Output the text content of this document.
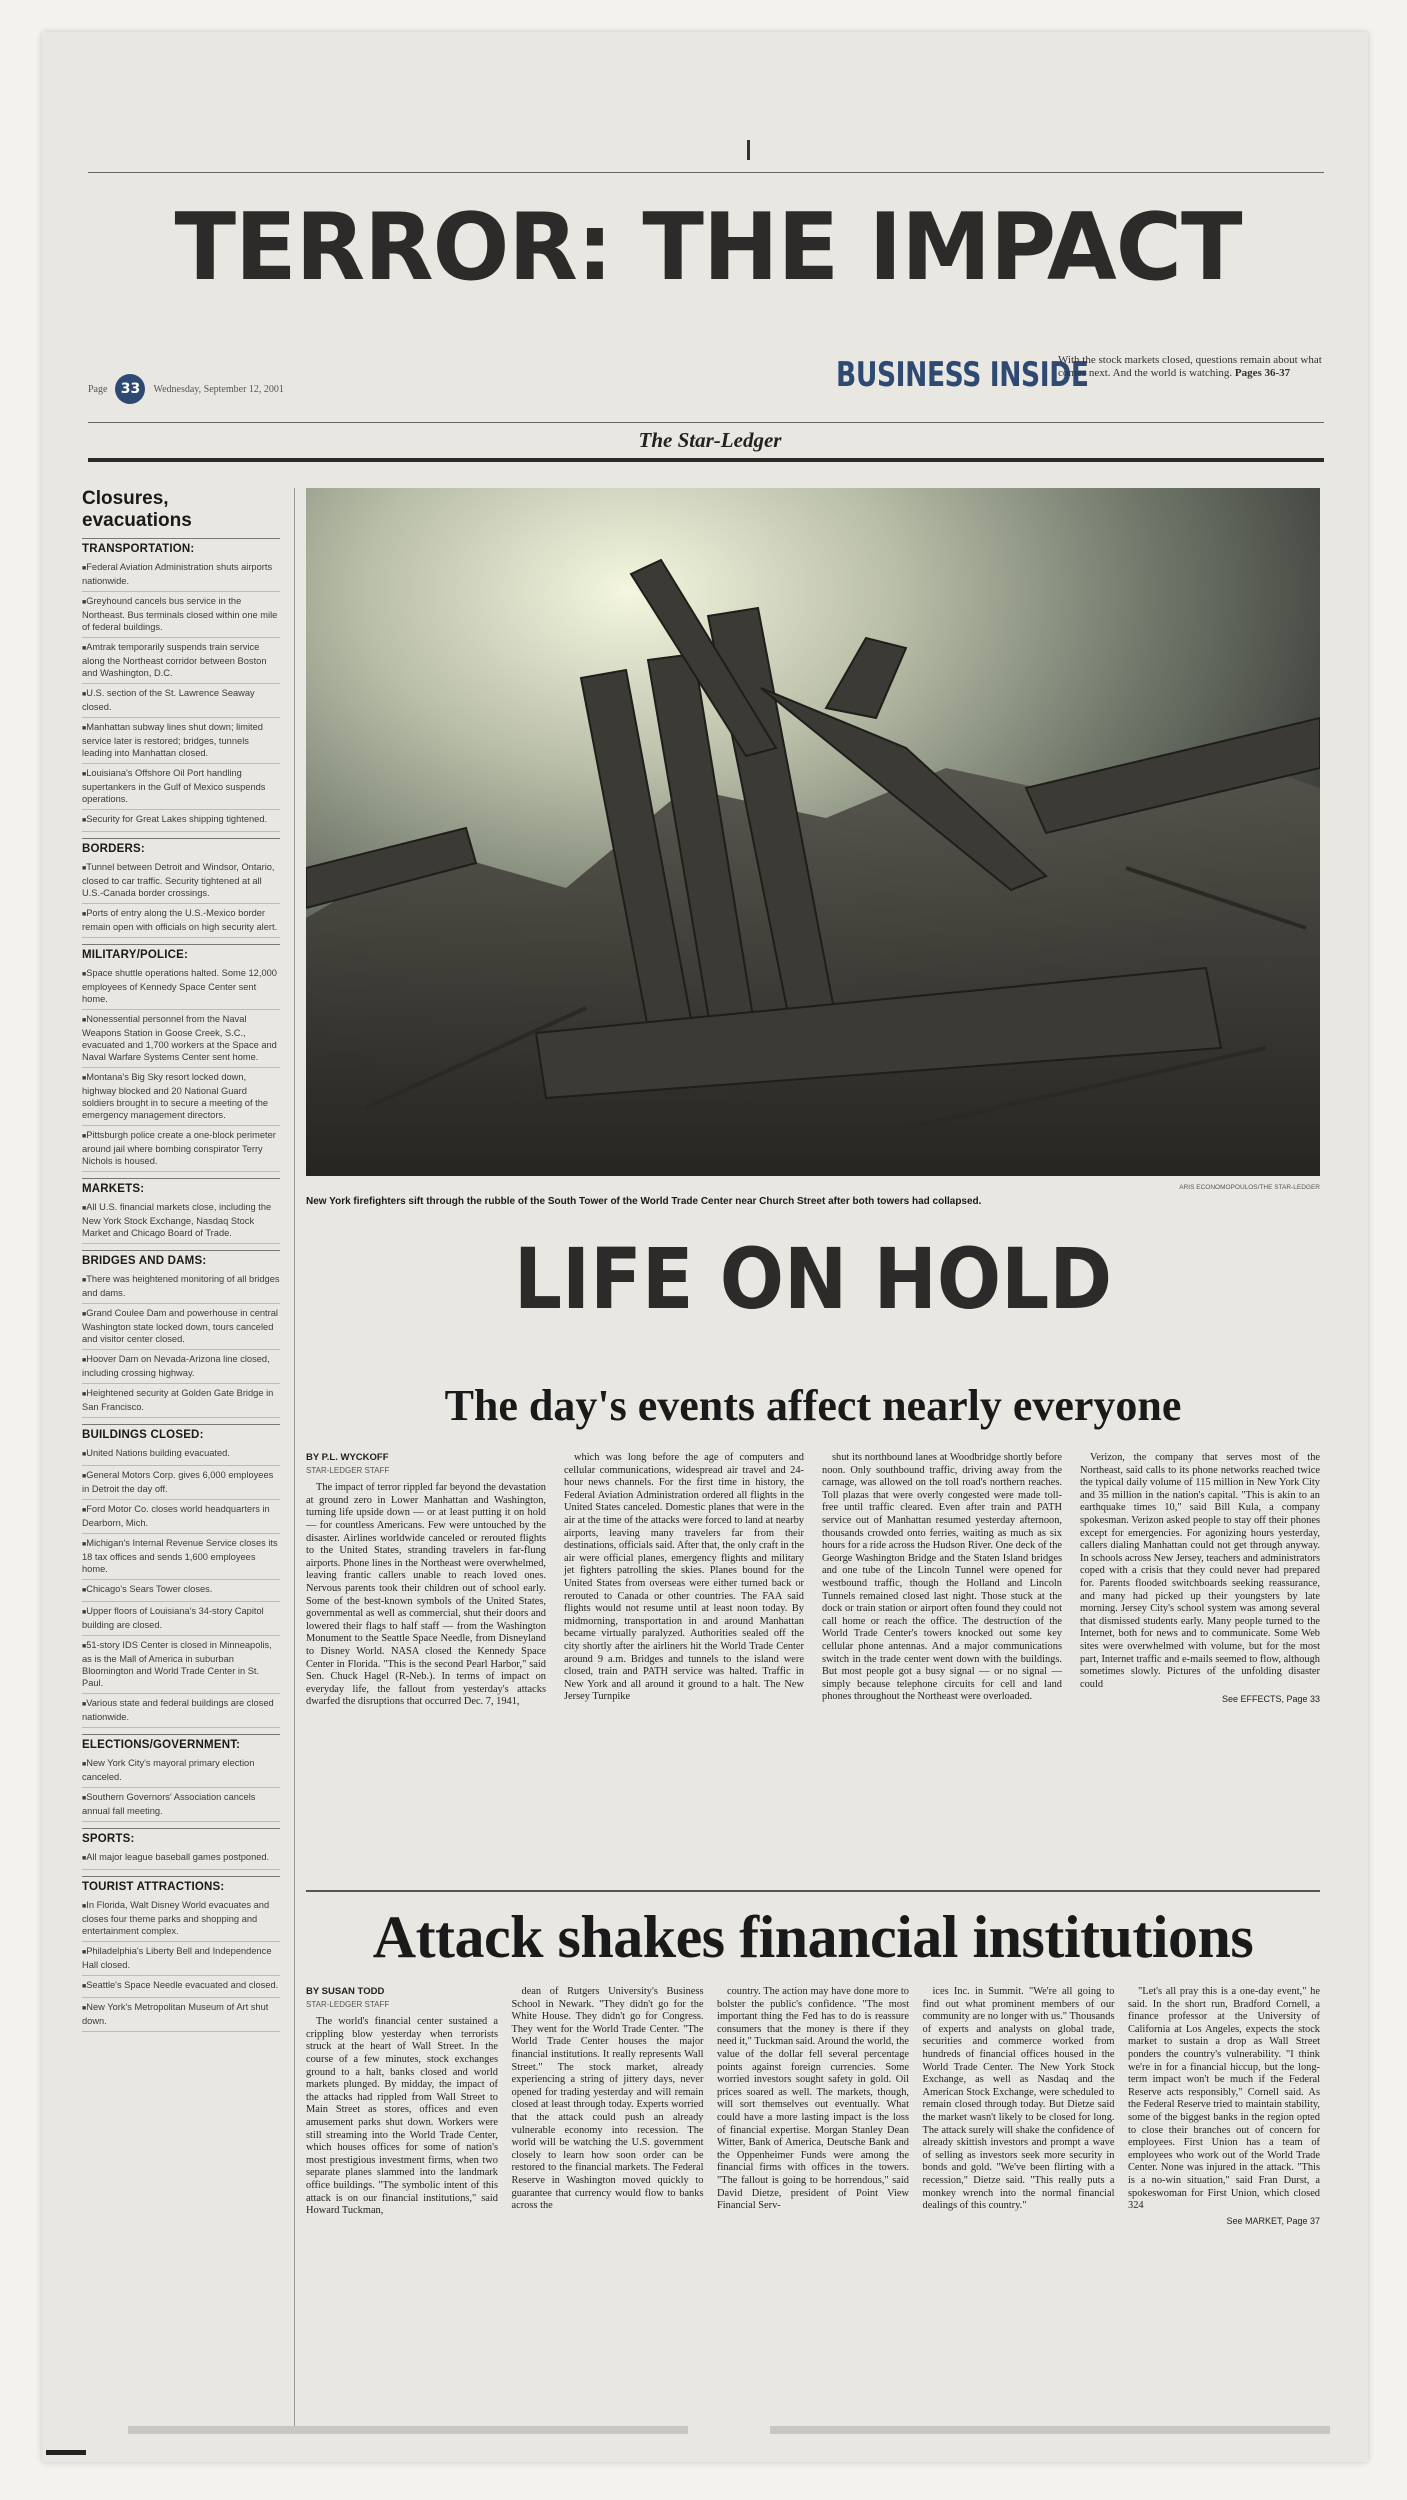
TERROR: THE IMPACT
Page 33	Wednesday, September 12, 2001	BUSINESS INSIDE
With the stock markets closed, questions remain about what comes next. And the world is watching. Pages 36-37
The Star-Ledger
Closures, evacuations
TRANSPORTATION:
■ Federal Aviation Administration shuts airports nationwide.
■ Greyhound cancels bus service in the Northeast. Bus terminals closed within one mile of federal buildings.
■ Amtrak temporarily suspends train service along the Northeast corridor between Boston and Washington, D.C.
■ U.S. section of the St. Lawrence Seaway closed.
■ Manhattan subway lines shut down; limited service later is restored; bridges, tunnels leading into Manhattan closed.
■ Louisiana's Offshore Oil Port handling supertankers in the Gulf of Mexico suspends operations.
■ Security for Great Lakes shipping tightened.
BORDERS:
■ Tunnel between Detroit and Windsor, Ontario, closed to car traffic. Security tightened at all U.S.-Canada border crossings.
■ Ports of entry along the U.S.-Mexico border remain open with officials on high security alert.
MILITARY/POLICE:
■ Space shuttle operations halted. Some 12,000 employees of Kennedy Space Center sent home.
■ Nonessential personnel from the Naval Weapons Station in Goose Creek, S.C., evacuated and 1,700 workers at the Space and Naval Warfare Systems Center sent home.
■ Montana's Big Sky resort locked down, highway blocked and 20 National Guard soldiers brought in to secure a meeting of the emergency management directors.
■ Pittsburgh police create a one-block perimeter around jail where bombing conspirator Terry Nichols is housed.
MARKETS:
■ All U.S. financial markets close, including the New York Stock Exchange, Nasdaq Stock Market and Chicago Board of Trade.
BRIDGES AND DAMS:
■ There was heightened monitoring of all bridges and dams.
■ Grand Coulee Dam and powerhouse in central Washington state locked down, tours canceled and visitor center closed.
■ Hoover Dam on Nevada-Arizona line closed, including crossing highway.
■ Heightened security at Golden Gate Bridge in San Francisco.
BUILDINGS CLOSED:
■ United Nations building evacuated.
■ General Motors Corp. gives 6,000 employees in Detroit the day off.
■ Ford Motor Co. closes world headquarters in Dearborn, Mich.
■ Michigan's Internal Revenue Service closes its 18 tax offices and sends 1,600 employees home.
■ Chicago's Sears Tower closes.
■ Upper floors of Louisiana's 34-story Capitol building are closed.
■ 51-story IDS Center is closed in Minneapolis, as is the Mall of America in suburban Bloomington and World Trade Center in St. Paul.
■ Various state and federal buildings are closed nationwide.
ELECTIONS/GOVERNMENT:
■ New York City's mayoral primary election canceled.
■ Southern Governors' Association cancels annual fall meeting.
SPORTS:
■ All major league baseball games postponed.
TOURIST ATTRACTIONS:
■ In Florida, Walt Disney World evacuates and closes four theme parks and shopping and entertainment complex.
■ Philadelphia's Liberty Bell and Independence Hall closed.
■ Seattle's Space Needle evacuated and closed.
■ New York's Metropolitan Museum of Art shut down.
New York firefighters sift through the rubble of the South Tower of the World Trade Center near Church Street after both towers had collapsed.
ARIS ECONOMOPOULOS/THE STAR-LEDGER
LIFE ON HOLD
The day's events affect nearly everyone
BY P.L. WYCKOFF
STAR-LEDGER STAFF

The impact of terror rippled far beyond the devastation at ground zero in Lower Manhattan and Washington, turning life upside down — or at least putting it on hold — for countless Americans. Few were untouched by the disaster. Airlines worldwide canceled or rerouted flights to the United States, stranding travelers in far-flung airports. Phone lines in the Northeast were overwhelmed, leaving frantic callers unable to reach loved ones. Nervous parents took their children out of school early. Some of the best-known symbols of the United States, governmental as well as commercial, shut their doors and lowered their flags to half staff — from the Washington Monument to the Seattle Space Needle, from Disneyland to Disney World. NASA closed the Kennedy Space Center in Florida. "This is the second Pearl Harbor," said Sen. Chuck Hagel (R-Neb.). In terms of impact on everyday life, the fallout from yesterday's attacks dwarfed the disruptions that occurred Dec. 7, 1941,

which was long before the age of computers and cellular communications, widespread air travel and 24-hour news channels. For the first time in history, the Federal Aviation Administration ordered all flights in the United States canceled. Domestic planes that were in the air at the time of the attacks were forced to land at nearby airports, leaving many travelers far from their destinations, officials said. After that, the only craft in the air were official planes, emergency flights and military jet fighters patrolling the skies. Planes bound for the United States from overseas were either turned back or rerouted to Canada or other countries. The FAA said flights would not resume until at least noon today. By midmorning, transportation in and around Manhattan became virtually paralyzed. Authorities sealed off the city shortly after the airliners hit the World Trade Center around 9 a.m. Bridges and tunnels to the island were closed, train and PATH service was halted. Traffic in New York and all around it ground to a halt. The New Jersey Turnpike

shut its northbound lanes at Woodbridge shortly before noon. Only southbound traffic, driving away from the carnage, was allowed on the toll road's northern reaches. Toll plazas that were overly congested were made toll-free until traffic cleared. Even after train and PATH service out of Manhattan resumed yesterday afternoon, thousands crowded onto ferries, waiting as much as six hours for a ride across the Hudson River. One deck of the George Washington Bridge and the Staten Island bridges and one tube of the Lincoln Tunnel were opened for westbound traffic, though the Holland and Lincoln Tunnels remained closed last night. Those stuck at the dock or train station or airport often found they could not call home or reach the office. The destruction of the World Trade Center's towers knocked out some key cellular phone antennas. And a major communications switch in the trade center went down with the buildings. But most people got a busy signal — or no signal — simply because telephone circuits for cell and land phones throughout the Northeast were overloaded.

Verizon, the company that serves most of the Northeast, said calls to its phone networks reached twice the typical daily volume of 115 million in New York City and 35 million in the nation's capital. "This is akin to an earthquake times 10," said Bill Kula, a company spokesman. Verizon asked people to stay off their phones except for emergencies. For agonizing hours yesterday, callers dialing Manhattan could not get through anyway. In schools across New Jersey, teachers and administrators coped with a crisis that they could never had prepared for. Parents flooded switchboards seeking reassurance, and many had picked up their youngsters by late morning. Jersey City's school system was among several that dismissed students early. Many people turned to the Internet, both for news and to communicate. Some Web sites were overwhelmed with volume, but for the most part, Internet traffic and e-mails seemed to flow, although sometimes slowly. Pictures of the unfolding disaster could

See EFFECTS, Page 33
Attack shakes financial institutions
BY SUSAN TODD
STAR-LEDGER STAFF

The world's financial center sustained a crippling blow yesterday when terrorists struck at the heart of Wall Street. In the course of a few minutes, stock exchanges ground to a halt, banks closed and world markets plunged. By midday, the impact of the attacks had rippled from Wall Street to Main Street as stores, offices and even amusement parks shut down. Workers were still streaming into the World Trade Center, which houses offices for some of nation's most prestigious investment firms, when two separate planes slammed into the landmark office buildings. "The symbolic intent of this attack is on our financial institutions," said Howard Tuckman,

dean of Rutgers University's Business School in Newark. "They didn't go for the White House. They didn't go for Congress. They went for the World Trade Center. "The World Trade Center houses the major financial institutions. It really represents Wall Street." The stock market, already experiencing a string of jittery days, never opened for trading yesterday and will remain closed at least through today. Experts worried that the attack could push an already vulnerable economy into recession. The world will be watching the U.S. government closely to learn how soon order can be restored to the financial markets. The Federal Reserve in Washington moved quickly to guarantee that currency would flow to banks across the

country. The action may have done more to bolster the public's confidence. "The most important thing the Fed has to do is reassure consumers that the money is there if they need it," Tuckman said. Around the world, the value of the dollar fell several percentage points against foreign currencies. Some worried investors sought safety in gold. Oil prices soared as well. The markets, though, will sort themselves out eventually. What could have a more lasting impact is the loss of financial expertise. Morgan Stanley Dean Witter, Bank of America, Deutsche Bank and the Oppenheimer Funds were among the financial firms with offices in the towers. "The fallout is going to be horrendous," said David Dietze, president of Point View Financial Serv-

ices Inc. in Summit. "We're all going to find out what prominent members of our community are no longer with us." Thousands of experts and analysts on global trade, securities and commerce worked from hundreds of financial offices housed in the World Trade Center. The New York Stock Exchange, as well as Nasdaq and the American Stock Exchange, were scheduled to remain closed through today. But Dietze said the market wasn't likely to be closed for long. The attack surely will shake the confidence of already skittish investors and prompt a wave of selling as investors seek more security in bonds and gold. "We've been flirting with a recession," Dietze said. "This really puts a monkey wrench into the normal financial dealings of this country."

"Let's all pray this is a one-day event," he said. In the short run, Bradford Cornell, a finance professor at the University of California at Los Angeles, expects the stock market to sustain a drop as Wall Street ponders the country's vulnerability. "I think we're in for a financial hiccup, but the long-term impact won't be much if the Federal Reserve acts responsibly," Cornell said. As the Federal Reserve tried to maintain stability, some of the biggest banks in the region opted to close their branches out of concern for employees. First Union has a team of employees who work out of the World Trade Center. None was injured in the attack. "This is a no-win situation," said Fran Durst, a spokeswoman for First Union, which closed 324

See MARKET, Page 37
